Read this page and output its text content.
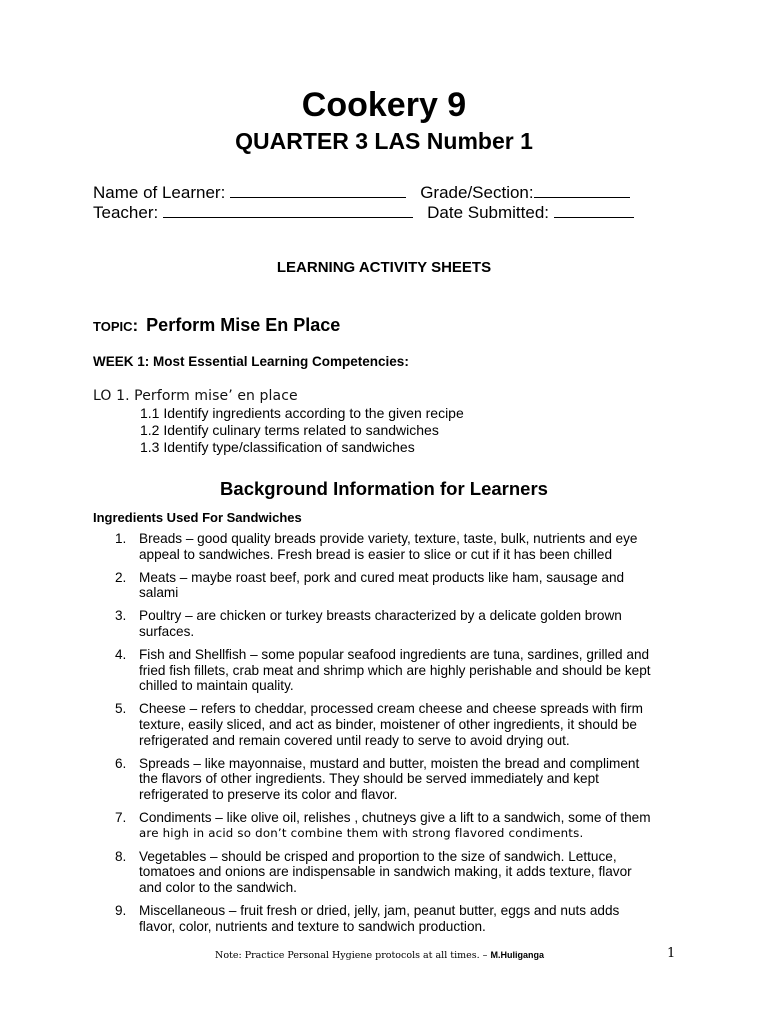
Cookery 9
QUARTER 3 LAS Number 1
Name of Learner:	Grade/Section:
Teacher:	Date Submitted:
LEARNING ACTIVITY SHEETS
TOPIC: Perform Mise En Place
WEEK 1: Most Essential Learning Competencies:
LO 1. Perform mise’ en place
1.1 Identify ingredients according to the given recipe
1.2 Identify culinary terms related to sandwiches
1.3 Identify type/classification of sandwiches
Background Information for Learners
Ingredients Used For Sandwiches
1. Breads – good quality breads provide variety, texture, taste, bulk, nutrients and eye
appeal to sandwiches. Fresh bread is easier to slice or cut if it has been chilled
2. Meats – maybe roast beef, pork and cured meat products like ham, sausage and
salami
3. Poultry – are chicken or turkey breasts characterized by a delicate golden brown
surfaces.
4. Fish and Shellfish – some popular seafood ingredients are tuna, sardines, grilled and
fried fish fillets, crab meat and shrimp which are highly perishable and should be kept
chilled to maintain quality.
5. Cheese – refers to cheddar, processed cream cheese and cheese spreads with firm
texture, easily sliced, and act as binder, moistener of other ingredients, it should be
refrigerated and remain covered until ready to serve to avoid drying out.
6. Spreads – like mayonnaise, mustard and butter, moisten the bread and compliment
the flavors of other ingredients. They should be served immediately and kept
refrigerated to preserve its color and flavor.
7. Condiments – like olive oil, relishes , chutneys give a lift to a sandwich, some of them
are high in acid so don’t combine them with strong flavored condiments.
8. Vegetables – should be crisped and proportion to the size of sandwich. Lettuce,
tomatoes and onions are indispensable in sandwich making, it adds texture, flavor
and color to the sandwich.
9. Miscellaneous – fruit fresh or dried, jelly, jam, peanut butter, eggs and nuts adds
flavor, color, nutrients and texture to sandwich production.
Note: Practice Personal Hygiene protocols at all times. – M.Huliganga	1
